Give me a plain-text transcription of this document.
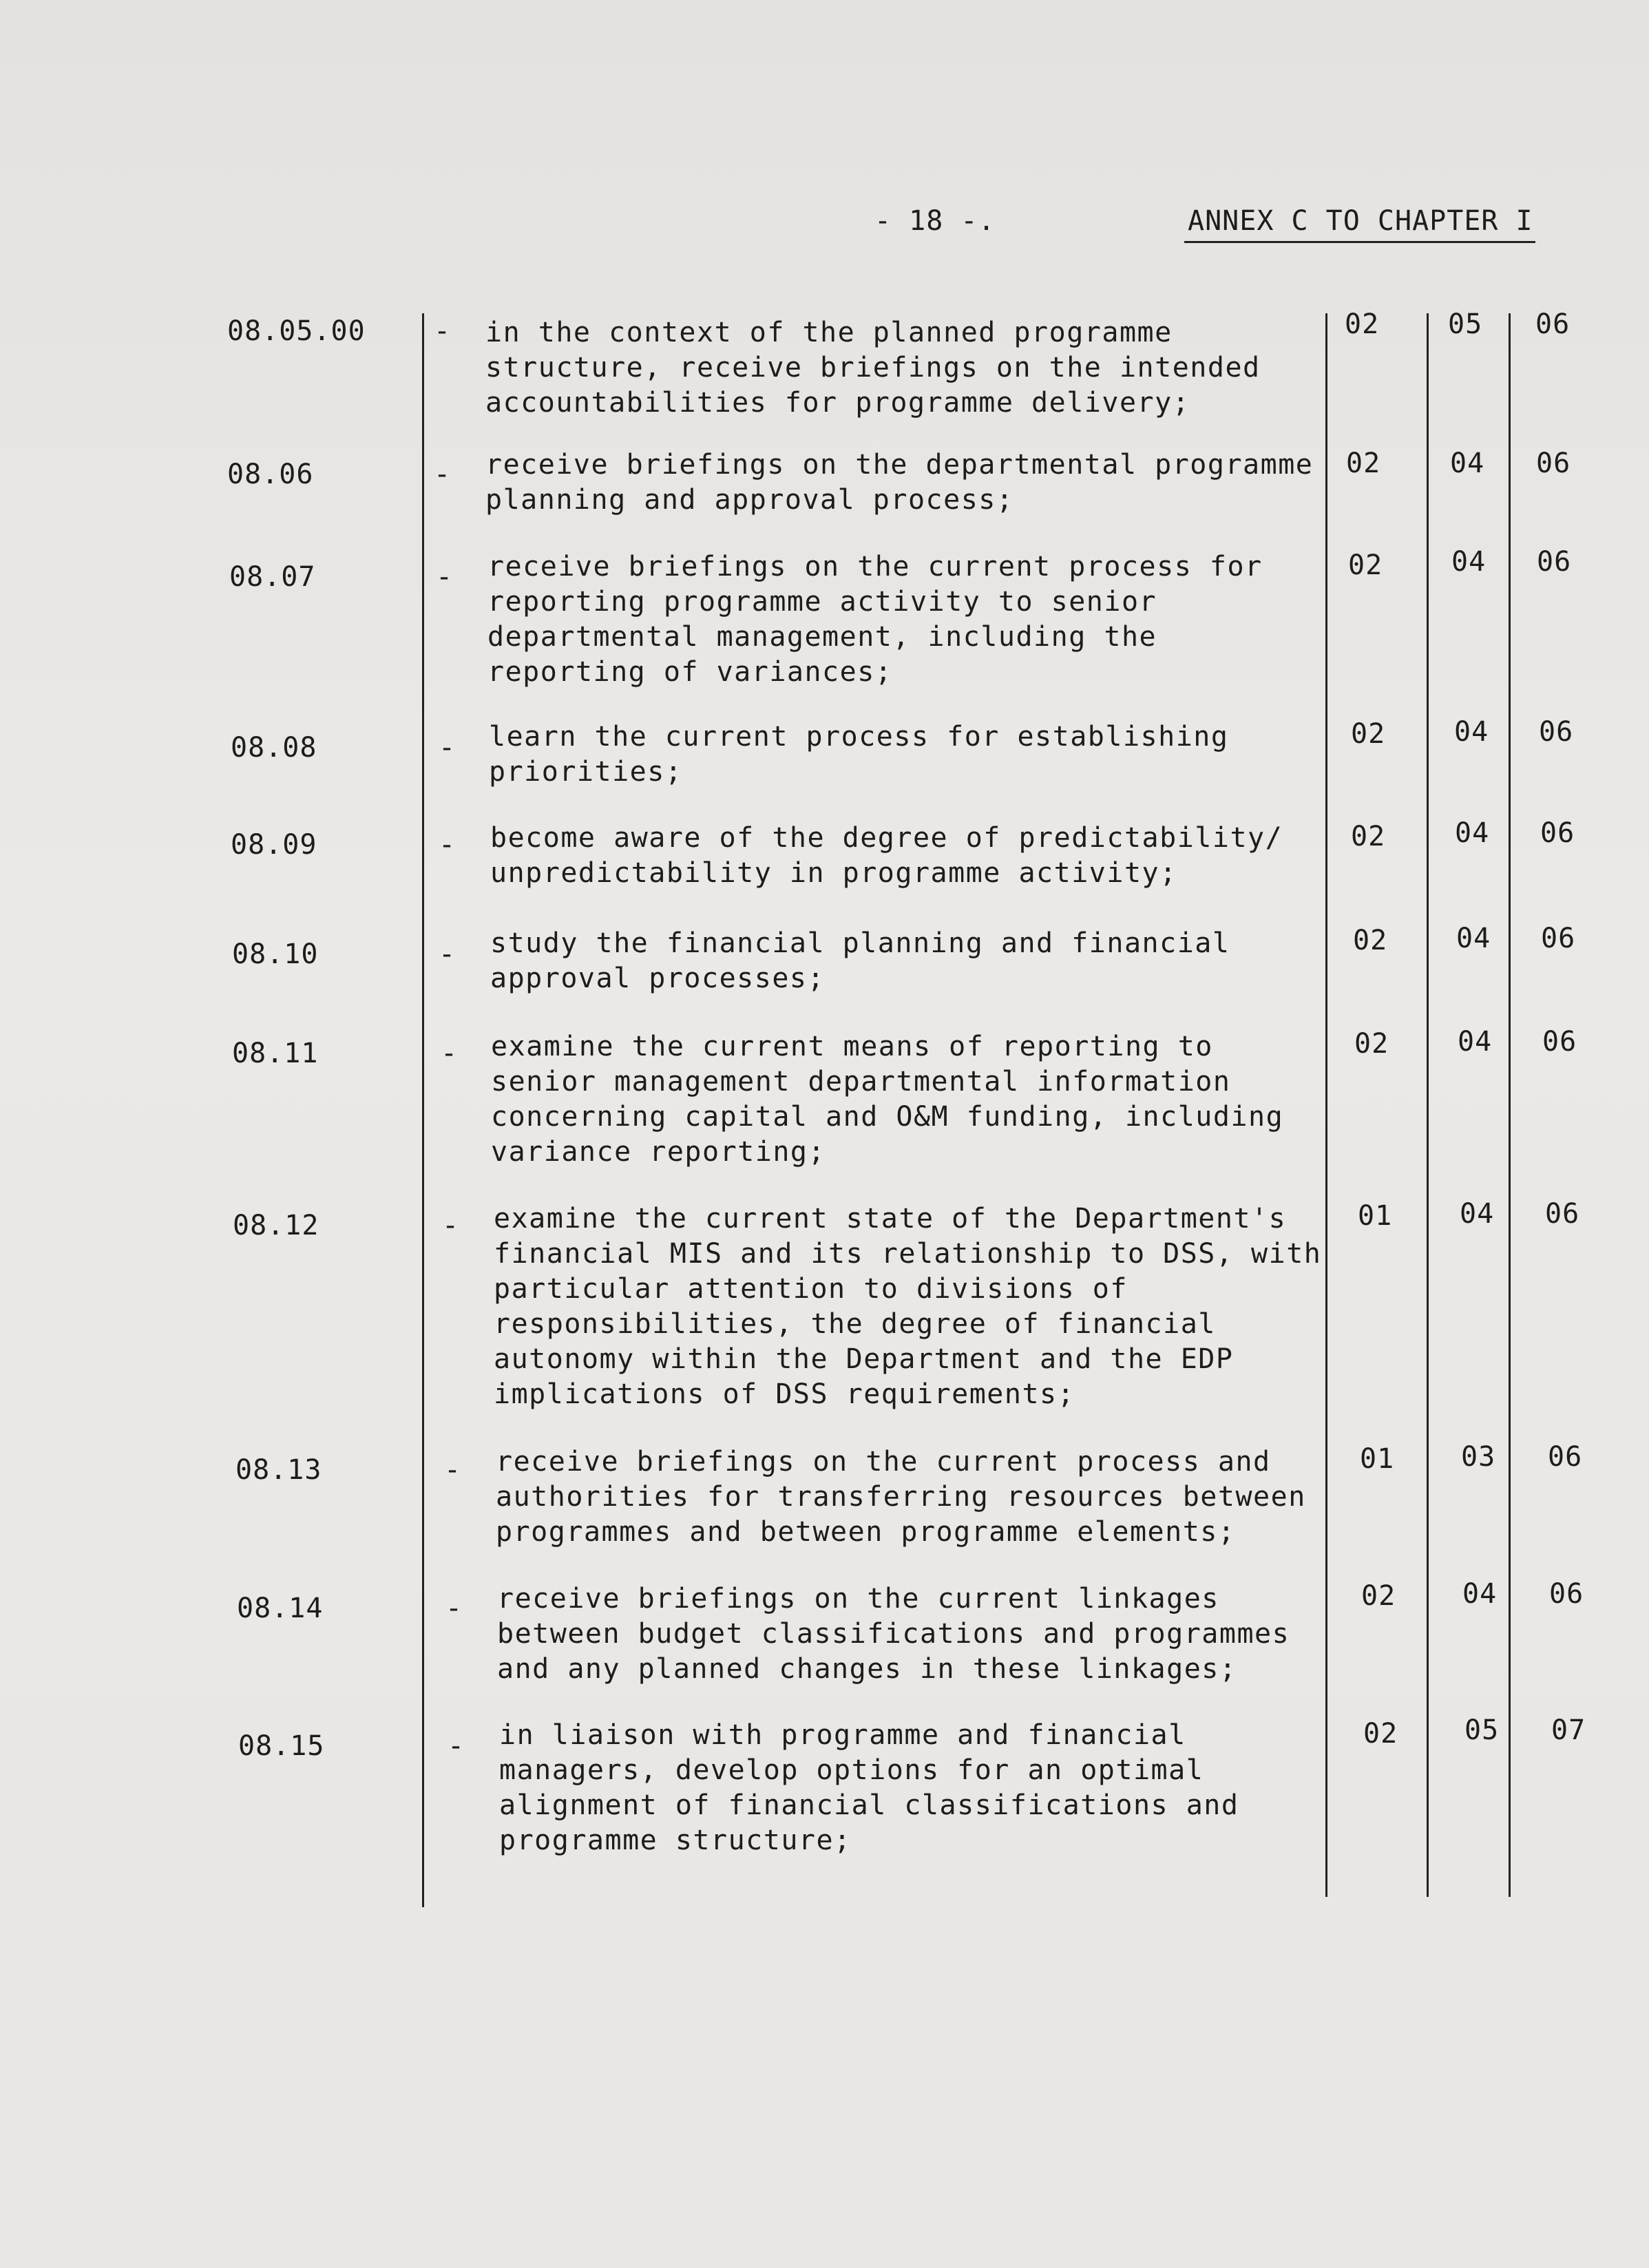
- 18 -.	ANNEX C TO CHAPTER I
08.05.00 - in the context of the planned programme
structure, receive briefings on the intended
accountabilities for programme delivery;
02 05 06
08.06	- receive briefings on the departmental programme
planning and approval process;
02	04 06
08.07	- receive briefings on the current process for
reporting programme activity to senior
departmental management, including the
reporting of variances;
02 04 06
08.08	- learn the current process for establishing
priorities;
02 04 06
08.09	- become aware of the degree of predictability/
unpredictability in programme activity;
02	04 06
08.10	- study the financial planning and financial
approval processes;
02 04 06
08.11	- examine the current means of reporting to
senior management departmental information
concerning capital and O&M funding, including
variance reporting;
02 04 06
08.12	- examine the current state of the Department's
financial MIS and its relationship to DSS, with
particular attention to divisions of
responsibilities, the degree of financial
autonomy within the Department and the EDP
implications of DSS requirements;
01 04 06
08.13	- receive briefings on the current process and
authorities for transferring resources between
programmes and between programme elements;
01 03 06
08.14	- receive briefings on the current linkages
between budget classifications and programmes
and any planned changes in these linkages;
02 04 06
08.15	- in liaison with programme and financial
managers, develop options for an optimal
alignment of financial classifications and
programme structure;
02 05 07
